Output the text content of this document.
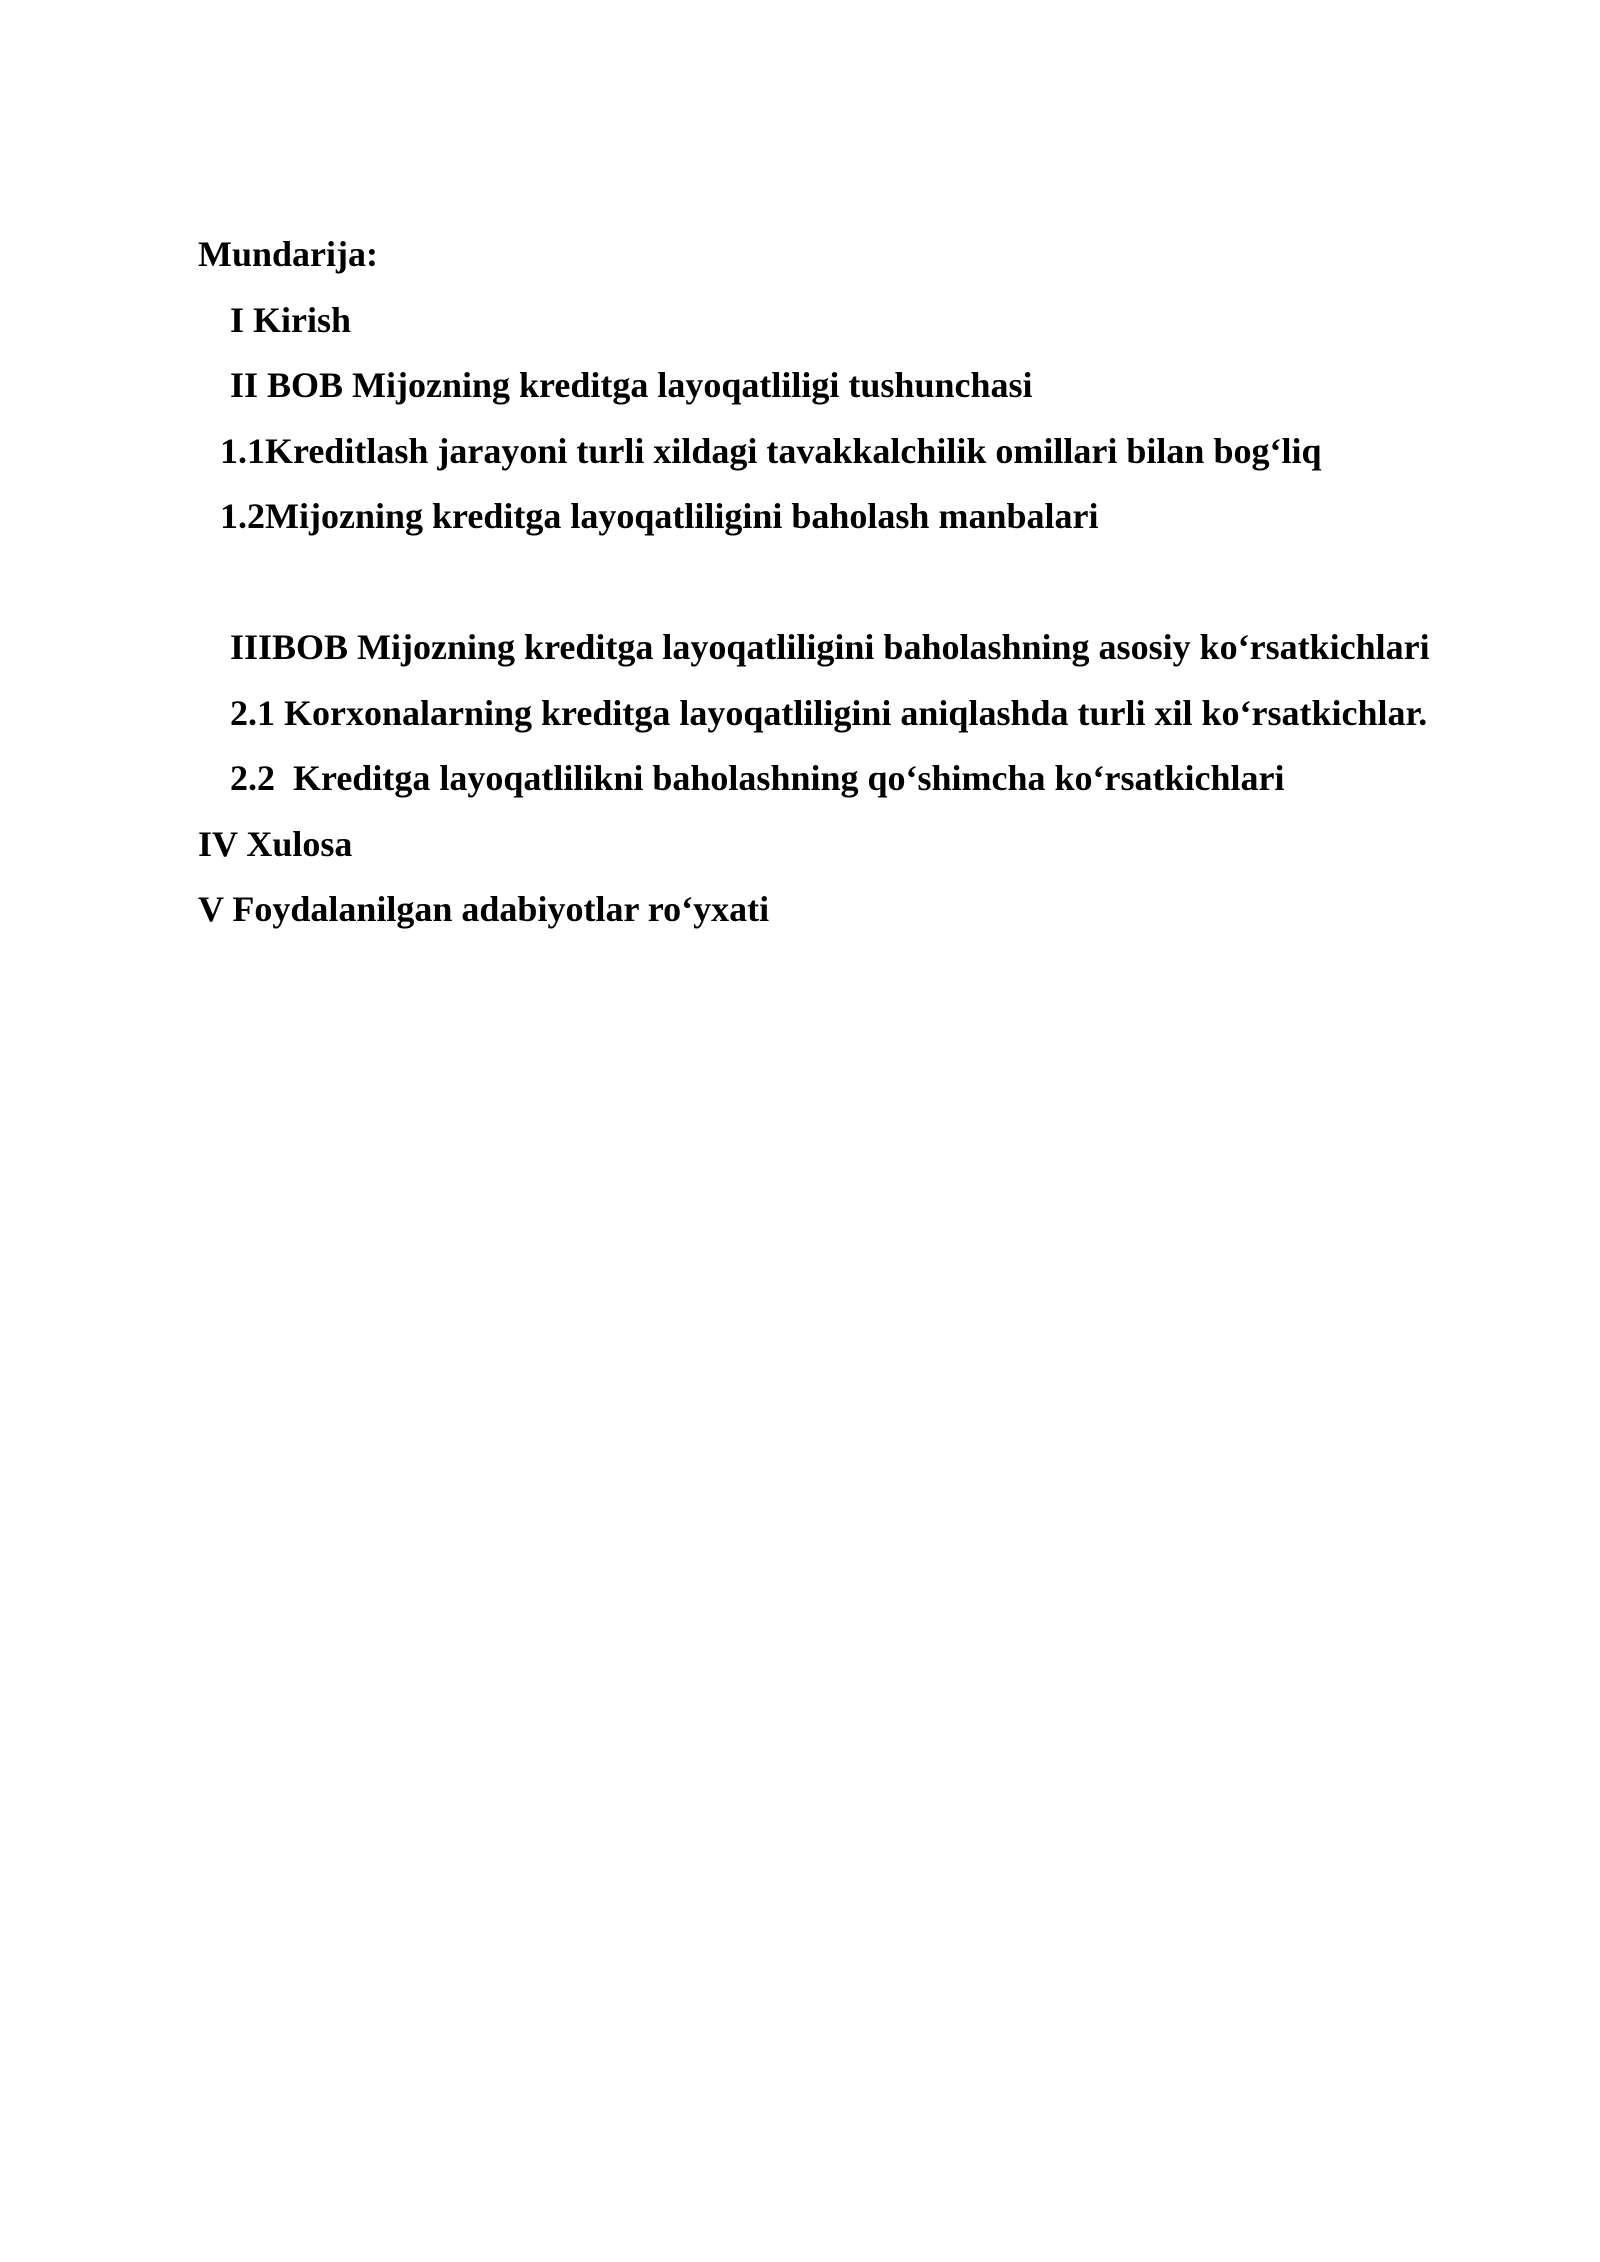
Mundarija:
I Kirish
II BOB Mijozning kreditga layoqatliligi tushunchasi
1.1Kreditlash jarayoni turli xildagi tavakkalchilik omillari bilan bog‘liq
1.2Mijozning kreditga layoqatliligini baholash manbalari
IIIBOB Mijozning kreditga layoqatliligini baholashning asosiy ko‘rsatkichlari
2.1 Korxonalarning kreditga layoqatliligini aniqlashda turli xil ko‘rsatkichlar.
2.2  Kreditga layoqatlilikni baholashning qo‘shimcha ko‘rsatkichlari
IV Xulosa
V Foydalanilgan adabiyotlar ro‘yxati
